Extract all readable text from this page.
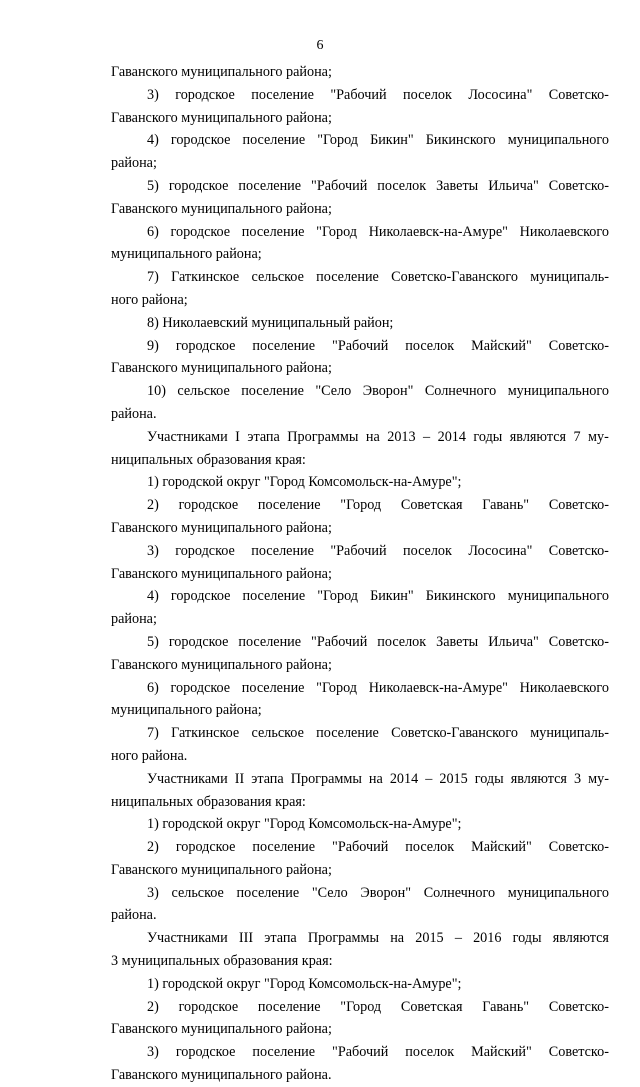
6
Гаванского муниципального района;
3) городское поселение "Рабочий поселок Лососина" Советско-
Гаванского муниципального района;
4) городское поселение "Город Бикин" Бикинского муниципального
района;
5) городское поселение "Рабочий поселок Заветы Ильича" Советско-
Гаванского муниципального района;
6) городское поселение "Город Николаевск-на-Амуре" Николаевского
муниципального района;
7) Гаткинское сельское поселение Советско-Гаванского муниципаль-
ного района;
8) Николаевский муниципальный район;
9) городское поселение "Рабочий поселок Майский" Советско-
Гаванского муниципального района;
10) сельское поселение "Село Эворон" Солнечного муниципального
района.
Участниками I этапа Программы на 2013 – 2014 годы являются 7 му-
ниципальных образования края:
1) городской округ "Город Комсомольск-на-Амуре";
2) городское поселение "Город Советская Гавань" Советско-
Гаванского муниципального района;
3) городское поселение "Рабочий поселок Лососина" Советско-
Гаванского муниципального района;
4) городское поселение "Город Бикин" Бикинского муниципального
района;
5) городское поселение "Рабочий поселок Заветы Ильича" Советско-
Гаванского муниципального района;
6) городское поселение "Город Николаевск-на-Амуре" Николаевского
муниципального района;
7) Гаткинское сельское поселение Советско-Гаванского муниципаль-
ного района.
Участниками II этапа Программы на 2014 – 2015 годы являются 3 му-
ниципальных образования края:
1) городской округ "Город Комсомольск-на-Амуре";
2) городское поселение "Рабочий поселок Майский" Советско-
Гаванского муниципального района;
3) сельское поселение "Село Эворон" Солнечного муниципального
района.
Участниками III этапа Программы на 2015 – 2016 годы являются
3 муниципальных образования края:
1) городской округ "Город Комсомольск-на-Амуре";
2) городское поселение "Город Советская Гавань" Советско-
Гаванского муниципального района;
3) городское поселение "Рабочий поселок Майский" Советско-
Гаванского муниципального района.
